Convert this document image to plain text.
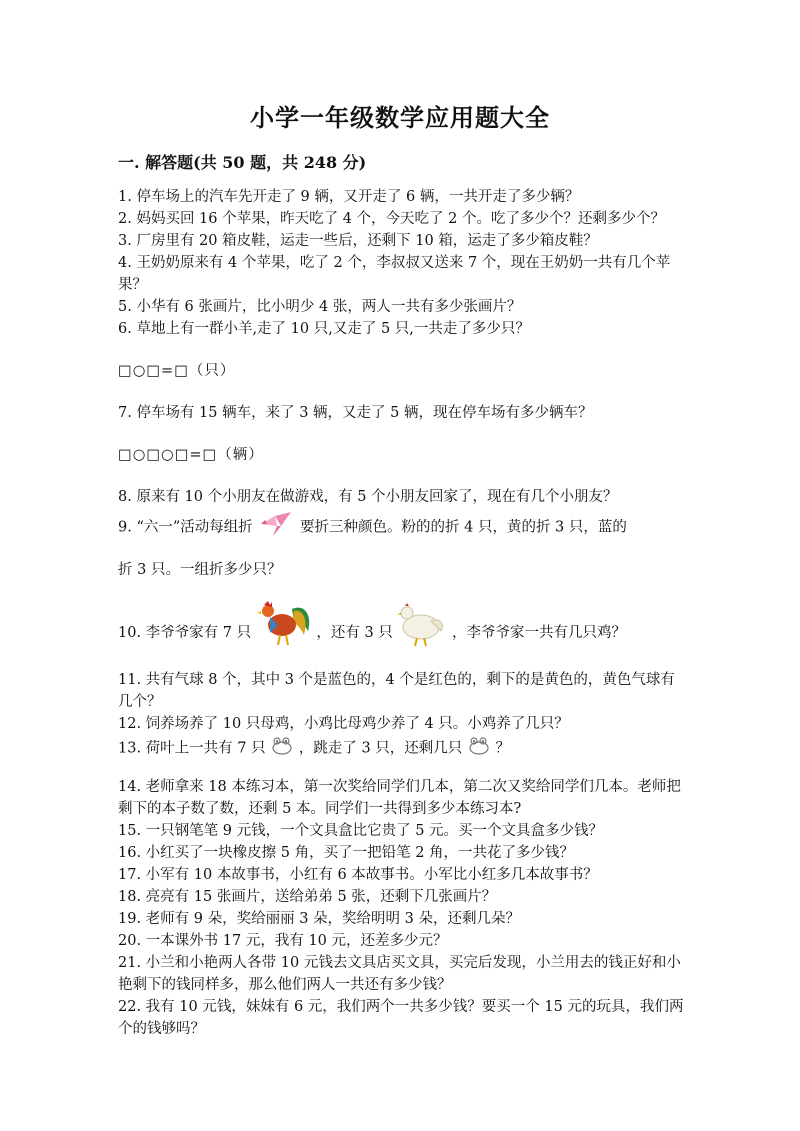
小学一年级数学应用题大全
一. 解答题(共 50 题，共 248 分)

1. 停车场上的汽车先开走了 9 辆，又开走了 6 辆，一共开走了多少辆？

2. 妈妈买回 16 个苹果，昨天吃了 4 个，今天吃了 2 个。吃了多少个？还剩多少个？

3. 厂房里有 20 箱皮鞋，运走一些后，还剩下 10 箱，运走了多少箱皮鞋？

4. 王奶奶原来有 4 个苹果，吃了 2 个，李叔叔又送来 7 个，现在王奶奶一共有几个苹果？

5. 小华有 6 张画片，比小明少 4 张，两人一共有多少张画片？

6. 草地上有一群小羊,走了 10 只,又走了 5 只,一共走了多少只？

□○□=□（只）

7. 停车场有 15 辆车，来了 3 辆，又走了 5 辆，现在停车场有多少辆车？

□○□○□=□（辆）

8. 原来有 10 个小朋友在做游戏，有 5 个小朋友回家了，现在有几个小朋友？

9. “六一”活动每组折	要折三种颜色。粉的的折 4 只，黄的折 3 只，蓝的

折 3 只。一组折多少只？

10. 李爷爷家有 7 只	，还有 3 只	，李爷爷家一共有几只鸡？

11. 共有气球 8 个，其中 3 个是蓝色的，4 个是红色的，剩下的是黄色的，黄色气球有几个？

12. 饲养场养了 10 只母鸡，小鸡比母鸡少养了 4 只。小鸡养了几只？

13. 荷叶上一共有 7 只 ，跳走了 3 只，还剩几只 ？

14. 老师拿来 18 本练习本，第一次奖给同学们几本，第二次又奖给同学们几本。老师把剩下的本子数了数，还剩 5 本。同学们一共得到多少本练习本?

15. 一只钢笔笔 9 元钱，一个文具盒比它贵了 5 元。买一个文具盒多少钱？

16. 小红买了一块橡皮擦 5 角，买了一把铅笔 2 角，一共花了多少钱？

17. 小军有 10 本故事书，小红有 6 本故事书。小军比小红多几本故事书？

18. 亮亮有 15 张画片，送给弟弟 5 张，还剩下几张画片？

19. 老师有 9 朵，奖给丽丽 3 朵，奖给明明 3 朵，还剩几朵？

20. 一本课外书 17 元，我有 10 元，还差多少元？

21. 小兰和小艳两人各带 10 元钱去文具店买文具，买完后发现，小兰用去的钱正好和小艳剩下的钱同样多，那么他们两人一共还有多少钱？

22. 我有 10 元钱，妹妹有 6 元，我们两个一共多少钱？要买一个 15 元的玩具，我们两个的钱够吗？
